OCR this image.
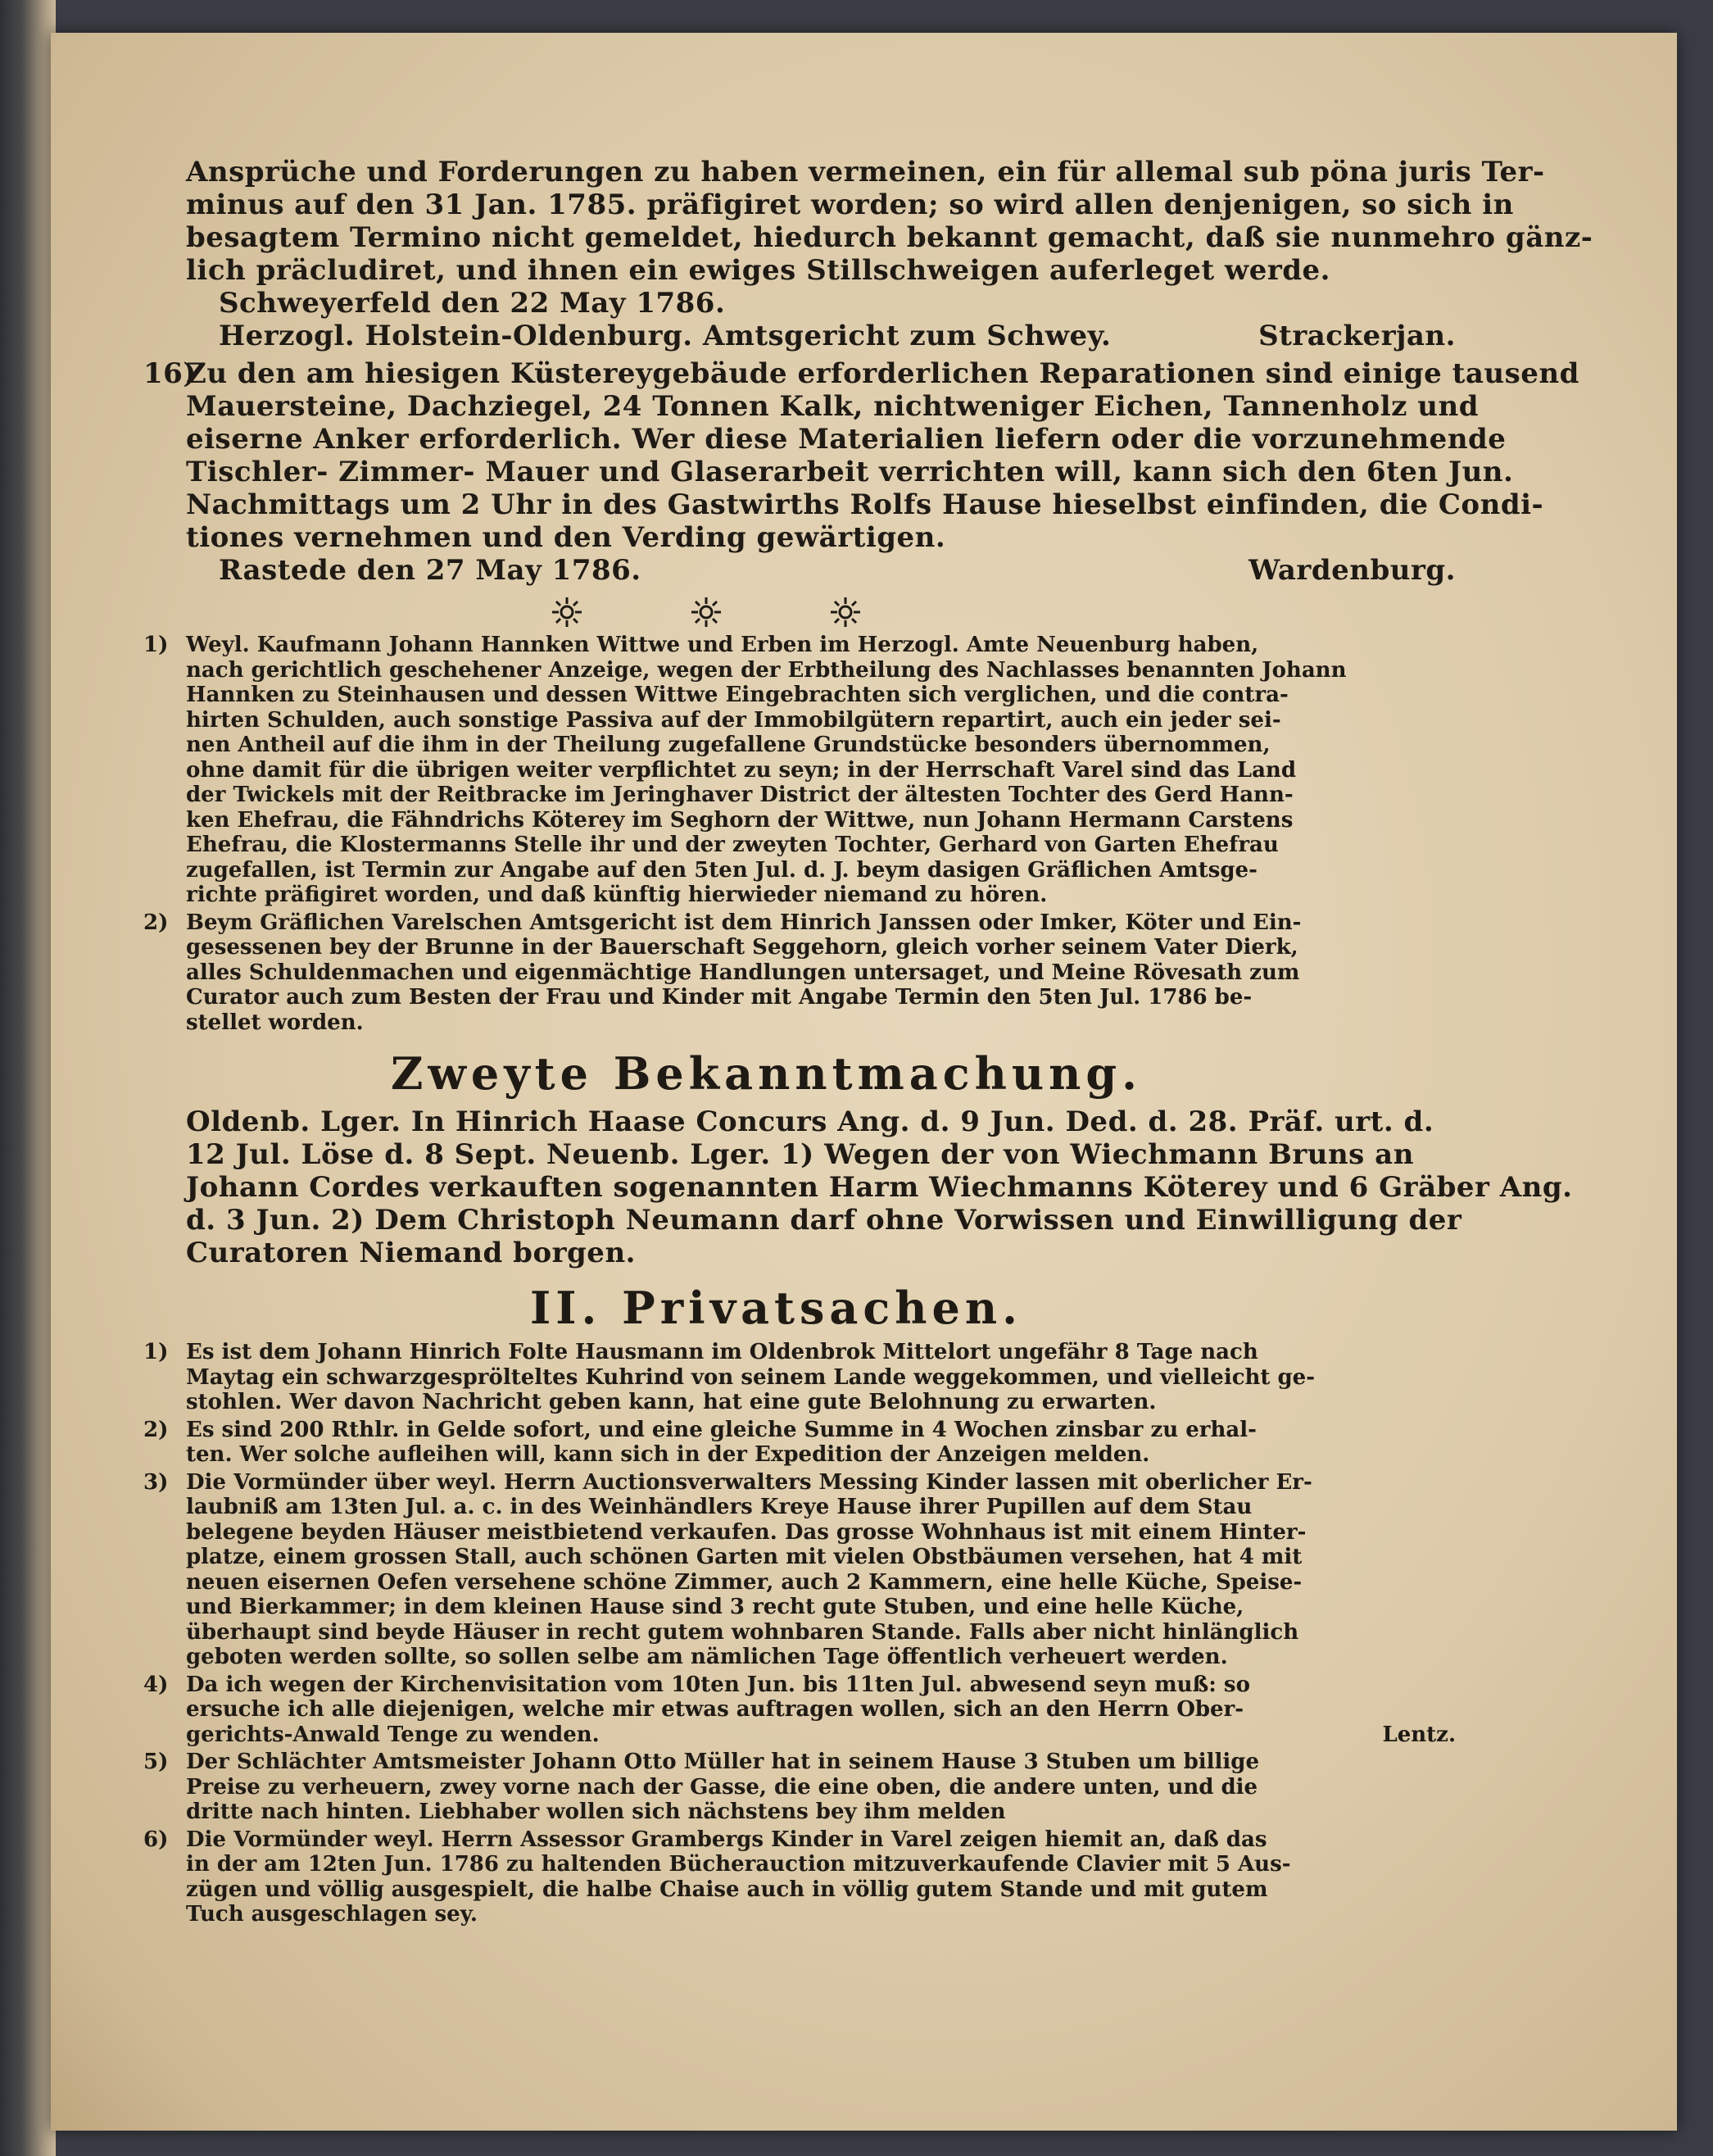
Ansprüche und Forderungen zu haben vermeinen, ein für allemal sub pöna juris Ter-

minus auf den 31 Jan. 1785. präfigiret worden; so wird allen denjenigen, so sich in

besagtem Termino nicht gemeldet, hiedurch bekannt gemacht, daß sie nunmehro gänz-

lich präcludiret, und ihnen ein ewiges Stillschweigen auferleget werde.

Schweyerfeld den 22 May 1786.

Herzogl. Holstein-Oldenburg. Amtsgericht zum Schwey.	Strackerjan.

16)

Zu den am hiesigen Küstereygebäude erforderlichen Reparationen sind einige tausend

Mauersteine, Dachziegel, 24 Tonnen Kalk, nichtweniger Eichen, Tannenholz und

eiserne Anker erforderlich. Wer diese Materialien liefern oder die vorzunehmende

Tischler- Zimmer- Mauer und Glaserarbeit verrichten will, kann sich den 6ten Jun.

Nachmittags um 2 Uhr in des Gastwirths Rolfs Hause hieselbst einfinden, die Condi-

tiones vernehmen und den Verding gewärtigen.

Rastede den 27 May 1786.	Wardenburg.

1) Weyl. Kaufmann Johann Hannken Wittwe und Erben im Herzogl. Amte Neuenburg haben,

nach gerichtlich geschehener Anzeige, wegen der Erbtheilung des Nachlasses benannten Johann

Hannken zu Steinhausen und dessen Wittwe Eingebrachten sich verglichen, und die contra-

hirten Schulden, auch sonstige Passiva auf der Immobilgütern repartirt, auch ein jeder sei-

nen Antheil auf die ihm in der Theilung zugefallene Grundstücke besonders übernommen,

ohne damit für die übrigen weiter verpflichtet zu seyn; in der Herrschaft Varel sind das Land

der Twickels mit der Reitbracke im Jeringhaver District der ältesten Tochter des Gerd Hann-

ken Ehefrau, die Fähndrichs Köterey im Seghorn der Wittwe, nun Johann Hermann Carstens

Ehefrau, die Klostermanns Stelle ihr und der zweyten Tochter, Gerhard von Garten Ehefrau

zugefallen, ist Termin zur Angabe auf den 5ten Jul. d. J. beym dasigen Gräflichen Amtsge-

richte präfigiret worden, und daß künftig hierwieder niemand zu hören.

2) Beym Gräflichen Varelschen Amtsgericht ist dem Hinrich Janssen oder Imker, Köter und Ein-

gesessenen bey der Brunne in der Bauerschaft Seggehorn, gleich vorher seinem Vater Dierk,

alles Schuldenmachen und eigenmächtige Handlungen untersaget, und Meine Rövesath zum

Curator auch zum Besten der Frau und Kinder mit Angabe Termin den 5ten Jul. 1786 be-

stellet worden.

Zweyte Bekanntmachung.

Oldenb. Lger. In Hinrich Haase Concurs Ang. d. 9 Jun. Ded. d. 28. Präf. urt. d.

12 Jul. Löse d. 8 Sept. Neuenb. Lger. 1) Wegen der von Wiechmann Bruns an

Johann Cordes verkauften sogenannten Harm Wiechmanns Köterey und 6 Gräber Ang.

d. 3 Jun. 2) Dem Christoph Neumann darf ohne Vorwissen und Einwilligung der

Curatoren Niemand borgen.

II. Privatsachen.
1) Es ist dem Johann Hinrich Folte Hausmann im Oldenbrok Mittelort ungefähr 8 Tage nach

Maytag ein schwarzgesprölteltes Kuhrind von seinem Lande weggekommen, und vielleicht ge-

stohlen. Wer davon Nachricht geben kann, hat eine gute Belohnung zu erwarten.

2) Es sind 200 Rthlr. in Gelde sofort, und eine gleiche Summe in 4 Wochen zinsbar zu erhal-

ten. Wer solche aufleihen will, kann sich in der Expedition der Anzeigen melden.

3) Die Vormünder über weyl. Herrn Auctionsverwalters Messing Kinder lassen mit oberlicher Er-

laubniß am 13ten Jul. a. c. in des Weinhändlers Kreye Hause ihrer Pupillen auf dem Stau

belegene beyden Häuser meistbietend verkaufen. Das grosse Wohnhaus ist mit einem Hinter-

platze, einem grossen Stall, auch schönen Garten mit vielen Obstbäumen versehen, hat 4 mit

neuen eisernen Oefen versehene schöne Zimmer, auch 2 Kammern, eine helle Küche, Speise-

und Bierkammer; in dem kleinen Hause sind 3 recht gute Stuben, und eine helle Küche,

überhaupt sind beyde Häuser in recht gutem wohnbaren Stande. Falls aber nicht hinlänglich

geboten werden sollte, so sollen selbe am nämlichen Tage öffentlich verheuert werden.

4) Da ich wegen der Kirchenvisitation vom 10ten Jun. bis 11ten Jul. abwesend seyn muß: so

ersuche ich alle diejenigen, welche mir etwas auftragen wollen, sich an den Herrn Ober-

gerichts-Anwald Tenge zu wenden.	Lentz.

5) Der Schlächter Amtsmeister Johann Otto Müller hat in seinem Hause 3 Stuben um billige

Preise zu verheuern, zwey vorne nach der Gasse, die eine oben, die andere unten, und die

dritte nach hinten. Liebhaber wollen sich nächstens bey ihm melden

6) Die Vormünder weyl. Herrn Assessor Grambergs Kinder in Varel zeigen hiemit an, daß das

in der am 12ten Jun. 1786 zu haltenden Bücherauction mitzuverkaufende Clavier mit 5 Aus-

zügen und völlig ausgespielt, die halbe Chaise auch in völlig gutem Stande und mit gutem

Tuch ausgeschlagen sey.
